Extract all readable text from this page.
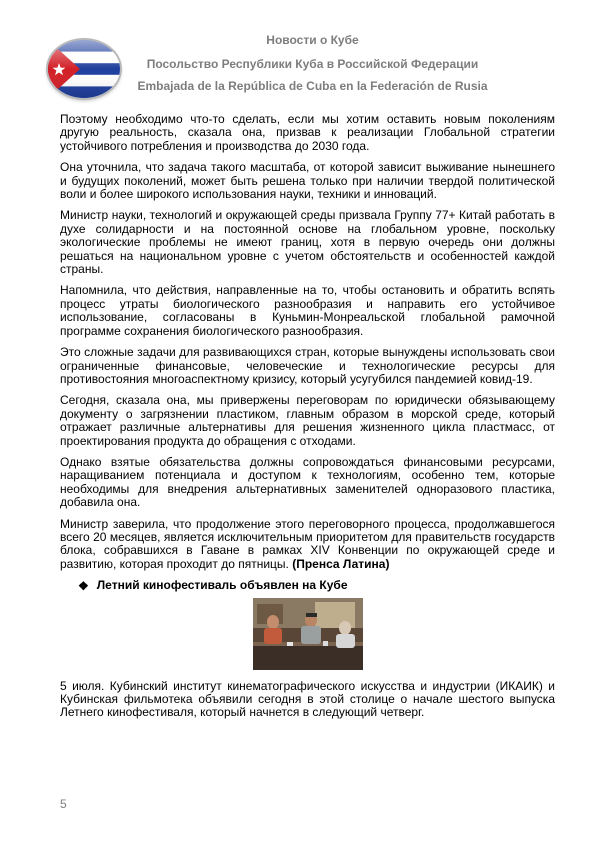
Новости о Кубе
Посольство Республики Куба в Российской Федерации
Embajada de la República de Cuba en la Federación de Rusia

Поэтому необходимо что-то сделать, если мы хотим оставить новым поколениям другую реальность, сказала она, призвав к реализации Глобальной стратегии устойчивого потребления и производства до 2030 года.

Она уточнила, что задача такого масштаба, от которой зависит выживание нынешнего и будущих поколений, может быть решена только при наличии твердой политической воли и более широкого использования науки, техники и инноваций.

Министр науки, технологий и окружающей среды призвала Группу 77+ Китай работать в духе солидарности и на постоянной основе на глобальном уровне, поскольку экологические проблемы не имеют границ, хотя в первую очередь они должны решаться на национальном уровне с учетом обстоятельств и особенностей каждой страны.

Напомнила, что действия, направленные на то, чтобы остановить и обратить вспять процесс утраты биологического разнообразия и направить его устойчивое использование, согласованы в Куньмин-Монреальской глобальной рамочной программе сохранения биологического разнообразия.

Это сложные задачи для развивающихся стран, которые вынуждены использовать свои ограниченные финансовые, человеческие и технологические ресурсы для противостояния многоаспектному кризису, который усугубился пандемией ковид-19.

Сегодня, сказала она, мы привержены переговорам по юридически обязывающему документу о загрязнении пластиком, главным образом в морской среде, который отражает различные альтернативы для решения жизненного цикла пластмасс, от проектирования продукта до обращения с отходами.

Однако взятые обязательства должны сопровождаться финансовыми ресурсами, наращиванием потенциала и доступом к технологиям, особенно тем, которые необходимы для внедрения альтернативных заменителей одноразового пластика, добавила она.

Министр заверила, что продолжение этого переговорного процесса, продолжавшегося всего 20 месяцев, является исключительным приоритетом для правительств государств блока, собравшихся в Гаване в рамках XIV Конвенции по окружающей среде и развитию, которая проходит до пятницы. (Пренса Латина)

❖ Летний кинофестиваль объявлен на Кубе

5 июля. Кубинский институт кинематографического искусства и индустрии (ИКАИК) и Кубинская фильмотека объявили сегодня в этой столице о начале шестого выпуска Летнего кинофестиваля, который начнется в следующий четверг.

5
